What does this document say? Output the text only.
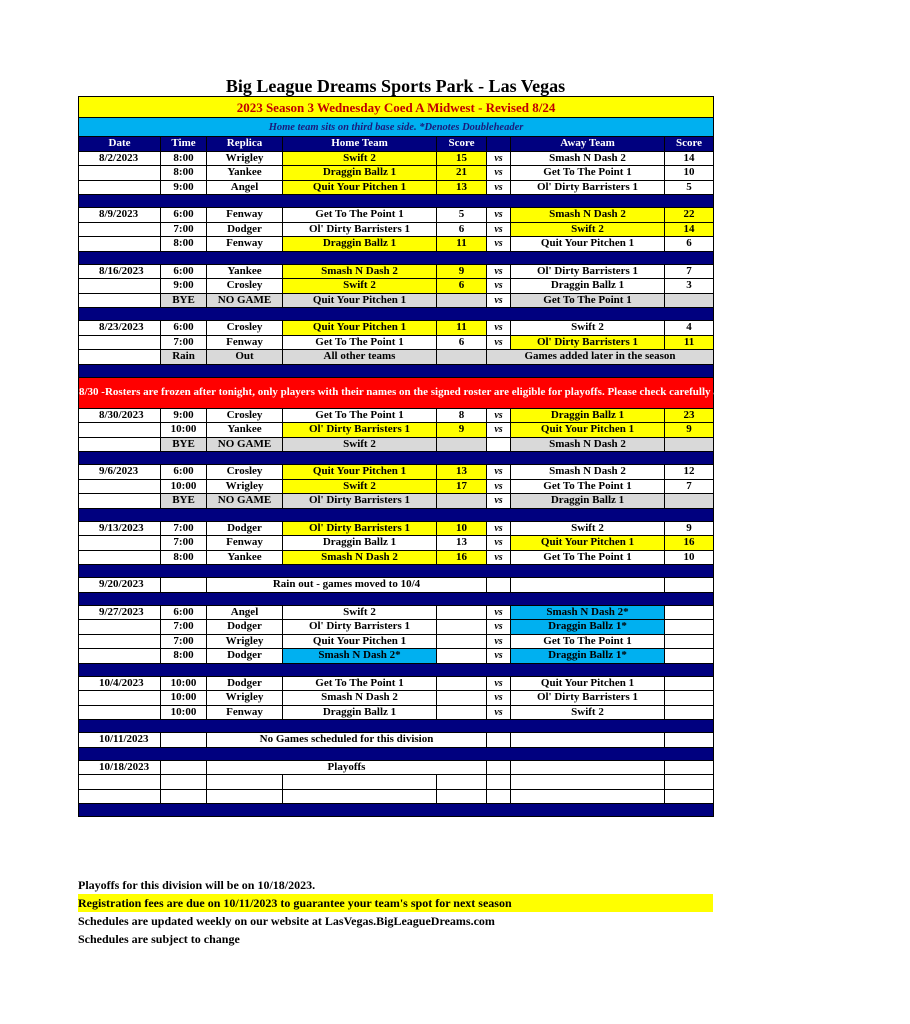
Big League Dreams Sports Park - Las Vegas
2023 Season 3 Wednesday Coed A Midwest - Revised 8/24							
Home team sits on third base side. *Denotes Doubleheader							
Date	Time	Replica	Home Team	Score		Away Team	Score
8/2/2023	8:00	Wrigley	Swift 2	15	vs	Smash N Dash 2	14
	8:00	Yankee	Draggin Ballz 1	21	vs	Get To The Point 1	10
	9:00	Angel	Quit Your Pitchen 1	13	vs	Ol' Dirty Barristers 1	5

8/9/2023	6:00	Fenway	Get To The Point 1	5	vs	Smash N Dash 2	22
	7:00	Dodger	Ol' Dirty Barristers 1	6	vs	Swift 2	14
	8:00	Fenway	Draggin Ballz 1	11	vs	Quit Your Pitchen 1	6

8/16/2023	6:00	Yankee	Smash N Dash 2	9	vs	Ol' Dirty Barristers 1	7
	9:00	Crosley	Swift 2	6	vs	Draggin Ballz 1	3
	BYE	NO GAME	Quit Your Pitchen 1		vs	Get To The Point 1	

8/23/2023	6:00	Crosley	Quit Your Pitchen 1	11	vs	Swift 2	4
	7:00	Fenway	Get To The Point 1	6	vs	Ol' Dirty Barristers 1	11
	Rain	Out	All other teams		Games added later in the season		

8/30 -Rosters are frozen after tonight, only players with their names on the signed roster are eligible for playoffs. Please check carefully as changes will not be made for omissions.							
8/30/2023	9:00	Crosley	Get To The Point 1	8	vs	Draggin Ballz 1	23
	10:00	Yankee	Ol' Dirty Barristers 1	9	vs	Quit Your Pitchen 1	9
	BYE	NO GAME	Swift 2			Smash N Dash 2	

9/6/2023	6:00	Crosley	Quit Your Pitchen 1	13	vs	Smash N Dash 2	12
	10:00	Wrigley	Swift 2	17	vs	Get To The Point 1	7
	BYE	NO GAME	Ol' Dirty Barristers 1		vs	Draggin Ballz 1	

9/13/2023	7:00	Dodger	Ol' Dirty Barristers 1	10	vs	Swift 2	9
	7:00	Fenway	Draggin Ballz 1	13	vs	Quit Your Pitchen 1	16
	8:00	Yankee	Smash N Dash 2	16	vs	Get To The Point 1	10

9/20/2023		Rain out - games moved to 10/4					

9/27/2023	6:00	Angel	Swift 2		vs	Smash N Dash 2*	
	7:00	Dodger	Ol' Dirty Barristers 1		vs	Draggin Ballz 1*	
	7:00	Wrigley	Quit Your Pitchen 1		vs	Get To The Point 1	
	8:00	Dodger	Smash N Dash 2*		vs	Draggin Ballz 1*	

10/4/2023	10:00	Dodger	Get To The Point 1		vs	Quit Your Pitchen 1	
	10:00	Wrigley	Smash N Dash 2		vs	Ol' Dirty Barristers 1	
	10:00	Fenway	Draggin Ballz 1		vs	Swift 2	

10/11/2023		No Games scheduled for this division					

10/18/2023		Playoffs					

Playoffs for this division will be on 10/18/2023.
Registration fees are due on 10/11/2023 to guarantee your team's spot for next season
Schedules are updated weekly on our website at LasVegas.BigLeagueDreams.com
Schedules are subject to change
